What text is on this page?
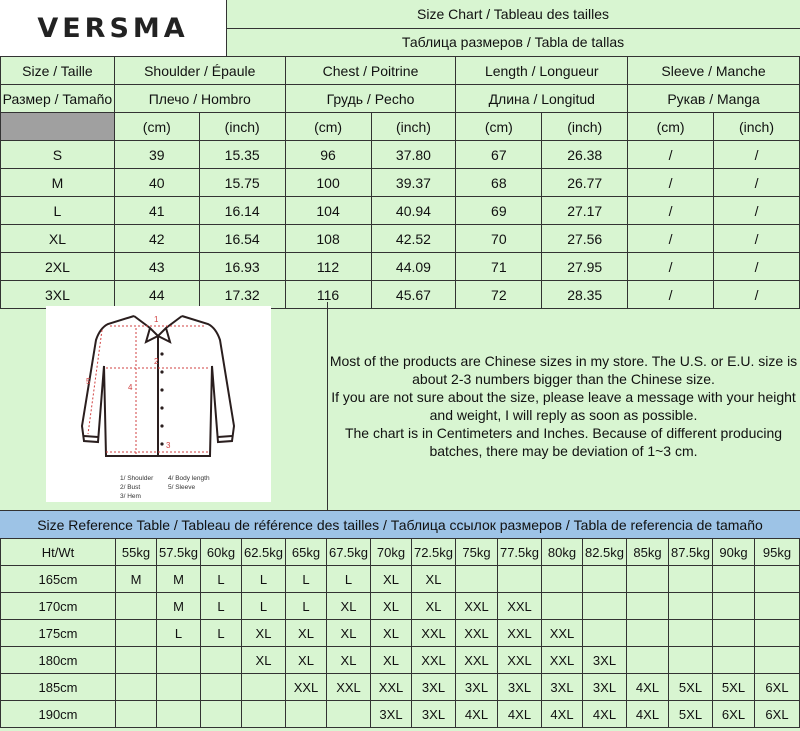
VERSMA	Size Chart / Tableau des tailles
Таблица размеров / Tabla de tallas
Size / Taille	Shoulder / Épaule		Chest / Poitrine		Length / Longueur		Sleeve / Manche	
Размер / Tamaño	Плечо / Hombro		Грудь / Pecho		Длина / Longitud		Рукав / Manga	
	(cm)	(inch)	(cm)	(inch)	(cm)	(inch)	(cm)	(inch)
S	39	15.35	96	37.80	67	26.38	/	/
M	40	15.75	100	39.37	68	26.77	/	/
L	41	16.14	104	40.94	69	27.17	/	/
XL	42	16.54	108	42.52	70	27.56	/	/
2XL	43	16.93	112	44.09	71	27.95	/	/
3XL	44	17.32	116	45.67	72	28.35	/	/
1
2
3
4
5
1/ Shoulder 4/ Body length
2/ Bust	5/ Sleeve
3/ Hem
Most of the products are Chinese sizes in my store. The U.S. or E.U. size is
about 2-3 numbers bigger than the Chinese size.
If you are not sure about the size, please leave a message with your height
and weight, I will reply as soon as possible.
The chart is in Centimeters and Inches. Because of different producing
batches, there may be deviation of 1~3 cm.
Size Reference Table / Tableau de référence des tailles / Таблица ссылок размеров / Tabla de referencia de tamaño
Ht/Wt	55kg	57.5kg	60kg	62.5kg	65kg	67.5kg	70kg	72.5kg	75kg	77.5kg	80kg	82.5kg	85kg	87.5kg	90kg	95kg
165cm	M	M	L	L	L	L	XL	XL								
170cm		M	L	L	L	XL	XL	XL	XXL	XXL						
175cm		L	L	XL	XL	XL	XL	XXL	XXL	XXL	XXL					
180cm				XL	XL	XL	XL	XXL	XXL	XXL	XXL	3XL				
185cm					XXL	XXL	XXL	3XL	3XL	3XL	3XL	3XL	4XL	5XL	5XL	6XL
190cm							3XL	3XL	4XL	4XL	4XL	4XL	4XL	5XL	6XL	6XL
